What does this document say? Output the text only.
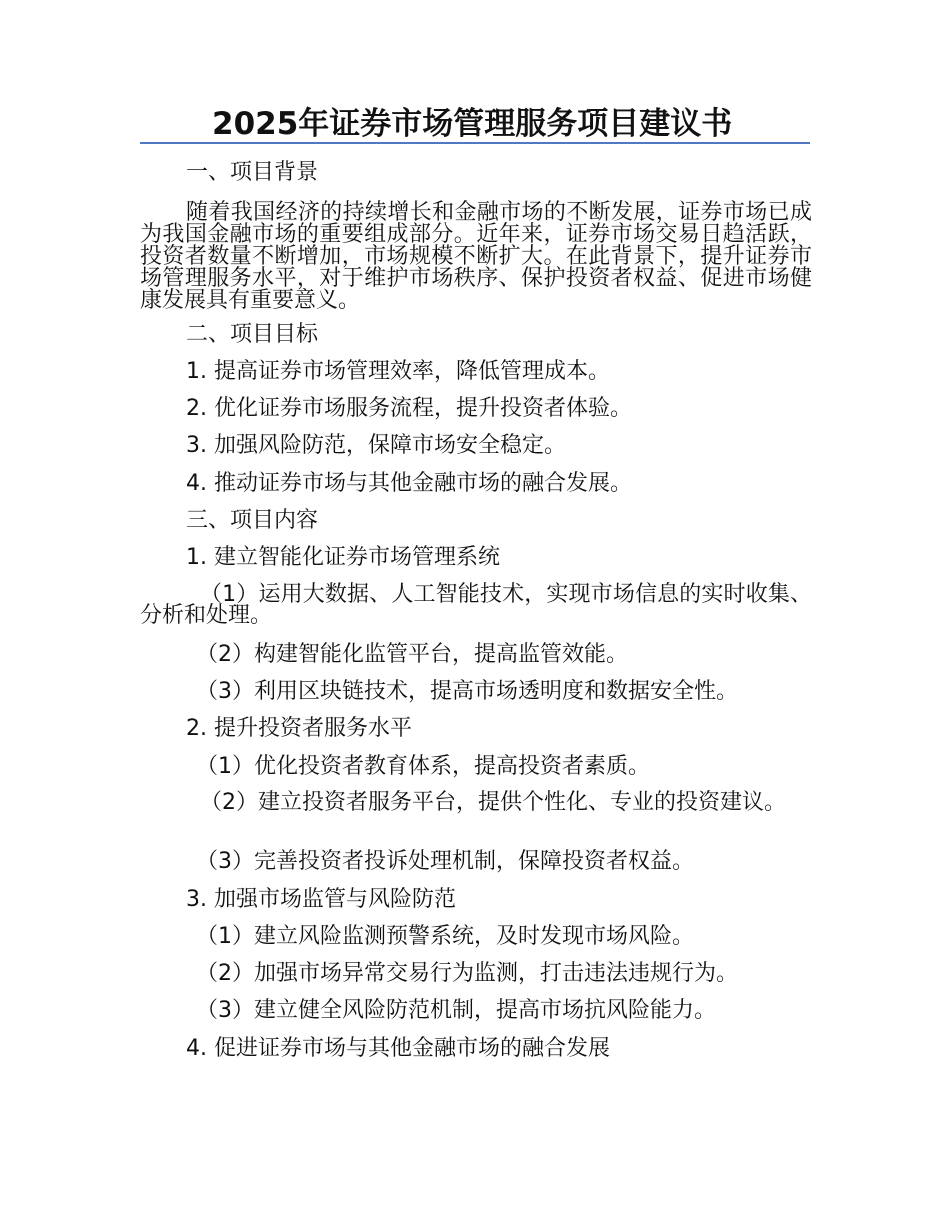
2025年证券市场管理服务项目建议书
一、项目背景

随着我国经济的持续增长和金融市场的不断发展，证券市场已成为我国金融市场的重要组成部分。近年来，证券市场交易日趋活跃，投资者数量不断增加，市场规模不断扩大。在此背景下，提升证券市场管理服务水平，对于维护市场秩序、保护投资者权益、促进市场健康发展具有重要意义。

二、项目目标
1. 提高证券市场管理效率，降低管理成本。
2. 优化证券市场服务流程，提升投资者体验。
3. 加强风险防范，保障市场安全稳定。
4. 推动证券市场与其他金融市场的融合发展。
三、项目内容
1. 建立智能化证券市场管理系统

（1）运用大数据、人工智能技术，实现市场信息的实时收集、分析和处理。

（2）构建智能化监管平台，提高监管效能。
（3）利用区块链技术，提高市场透明度和数据安全性。
2. 提升投资者服务水平
（1）优化投资者教育体系，提高投资者素质。

（2）建立投资者服务平台，提供个性化、专业的投资建议。

（3）完善投资者投诉处理机制，保障投资者权益。
3. 加强市场监管与风险防范
（1）建立风险监测预警系统，及时发现市场风险。
（2）加强市场异常交易行为监测，打击违法违规行为。
（3）建立健全风险防范机制，提高市场抗风险能力。
4. 促进证券市场与其他金融市场的融合发展
